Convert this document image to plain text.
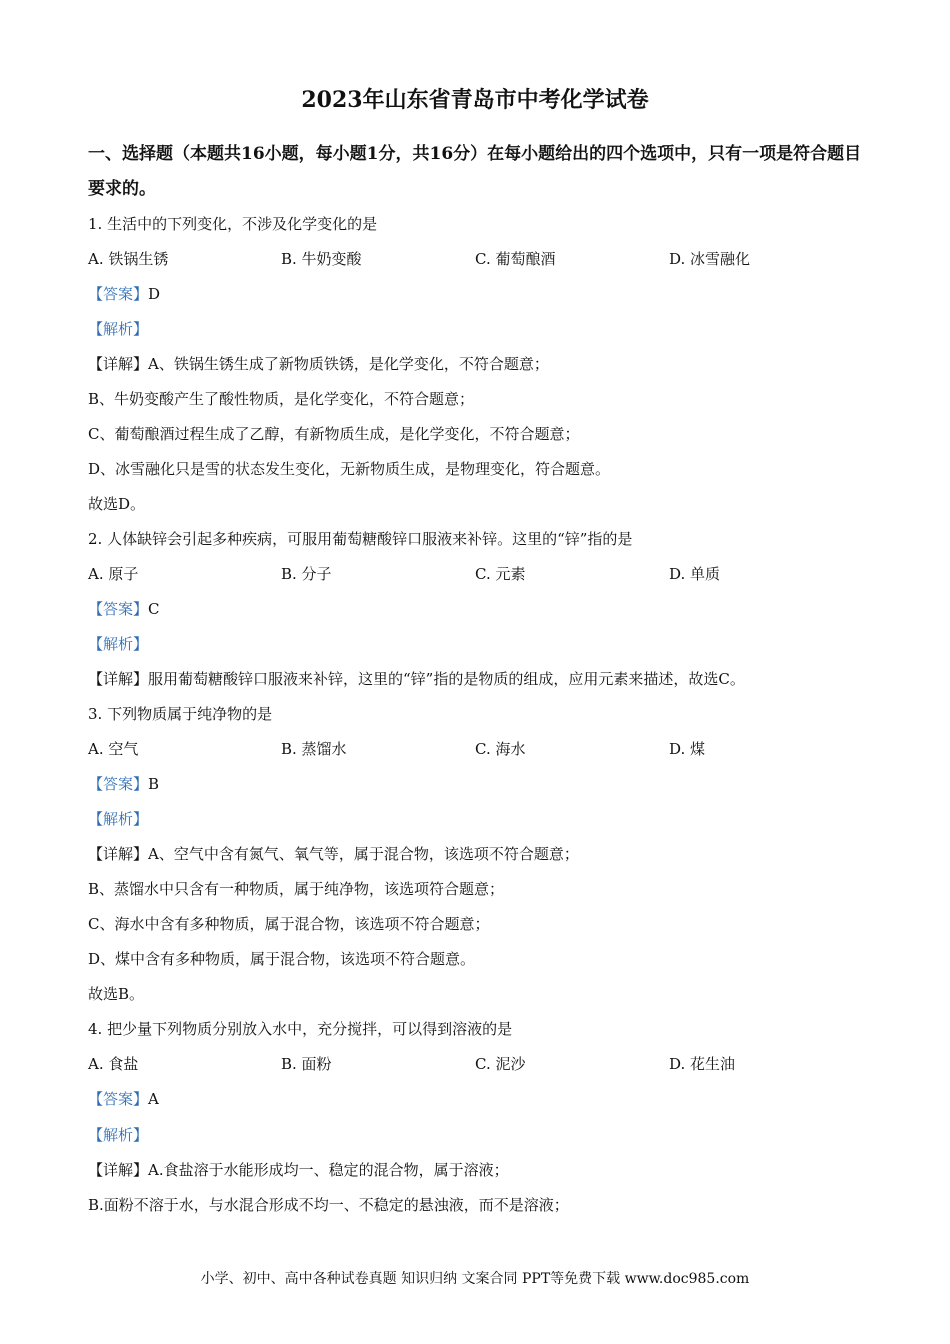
2023年山东省青岛市中考化学试卷
一、选择题（本题共16小题，每小题1分，共16分）在每小题给出的四个选项中，只有一项是符合题目要求的。
1. 生活中的下列变化，不涉及化学变化的是
A. 铁锅生锈	B. 牛奶变酸	C. 葡萄酿酒	D. 冰雪融化
【答案】D
【解析】
【详解】A、铁锅生锈生成了新物质铁锈，是化学变化，不符合题意；
B、牛奶变酸产生了酸性物质，是化学变化，不符合题意；
C、葡萄酿酒过程生成了乙醇，有新物质生成，是化学变化，不符合题意；
D、冰雪融化只是雪的状态发生变化，无新物质生成，是物理变化，符合题意。
故选D。
2. 人体缺锌会引起多种疾病，可服用葡萄糖酸锌口服液来补锌。这里的“锌”指的是
A. 原子	B. 分子	C. 元素	D. 单质
【答案】C
【解析】
【详解】服用葡萄糖酸锌口服液来补锌，这里的“锌”指的是物质的组成，应用元素来描述，故选C。
3. 下列物质属于纯净物的是
A. 空气	B. 蒸馏水	C. 海水	D. 煤
【答案】B
【解析】
【详解】A、空气中含有氮气、氧气等，属于混合物，该选项不符合题意；
B、蒸馏水中只含有一种物质，属于纯净物，该选项符合题意；
C、海水中含有多种物质，属于混合物，该选项不符合题意；
D、煤中含有多种物质，属于混合物，该选项不符合题意。
故选B。
4. 把少量下列物质分别放入水中，充分搅拌，可以得到溶液的是
A. 食盐	B. 面粉	C. 泥沙	D. 花生油
【答案】A
【解析】
【详解】A.食盐溶于水能形成均一、稳定的混合物，属于溶液；
B.面粉不溶于水，与水混合形成不均一、不稳定的悬浊液，而不是溶液；
小学、初中、高中各种试卷真题 知识归纳 文案合同 PPT等免费下载 www.doc985.com
